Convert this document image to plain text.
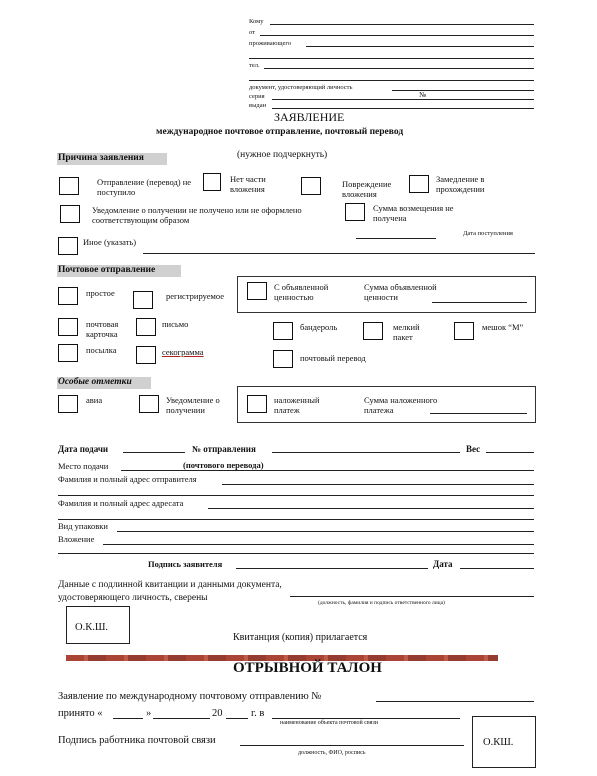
Кому
от
проживающего
тел.
документ, удостоверяющий личность
серия	№
выдан
ЗАЯВЛЕНИЕ
международное почтовое отправление, почтовый перевод
(нужное подчеркнуть)
Причина заявления
Отправление (перевод) не поступило
Нет части вложения	Повреждение вложения
Замедление в прохождении
Уведомление о получении не получено или не оформлено соответствующим образом
Сумма возмещения не получена
Дата поступления
Иное (указать)
Почтовое отправление
простое	регистрируемое
С объявленной ценностью
Сумма объявленной ценности
почтовая карточка
письмо	бандероль	мелкий пакет
мешок “М”
посылка	секограмма
почтовый перевод
Особые отметки
авиа	Уведомление о получении
наложенный платеж
Сумма наложенного платежа
Дата подачи	№ отправления	Вес
Место подачи	(почтового перевода)
Фамилия и полный адрес отправителя
Фамилия и полный адрес адресата
Вид упаковки
Вложение
Подпись заявителя	Дата
Данные с подлинной квитанции и данными документа, удостоверяющего личность, сверены
(должность, фамилия и подпись ответственного лица)
О.К.Ш.
Квитанция (копия) прилагается
ОТРЫВНОЙ ТАЛОН
Заявление по международному почтовому отправлению №
принято «	»	20	г. в
наименование объекта почтовой связи
Подпись работника почтовой связи
должность, ФИО, роспись
О.КШ.
